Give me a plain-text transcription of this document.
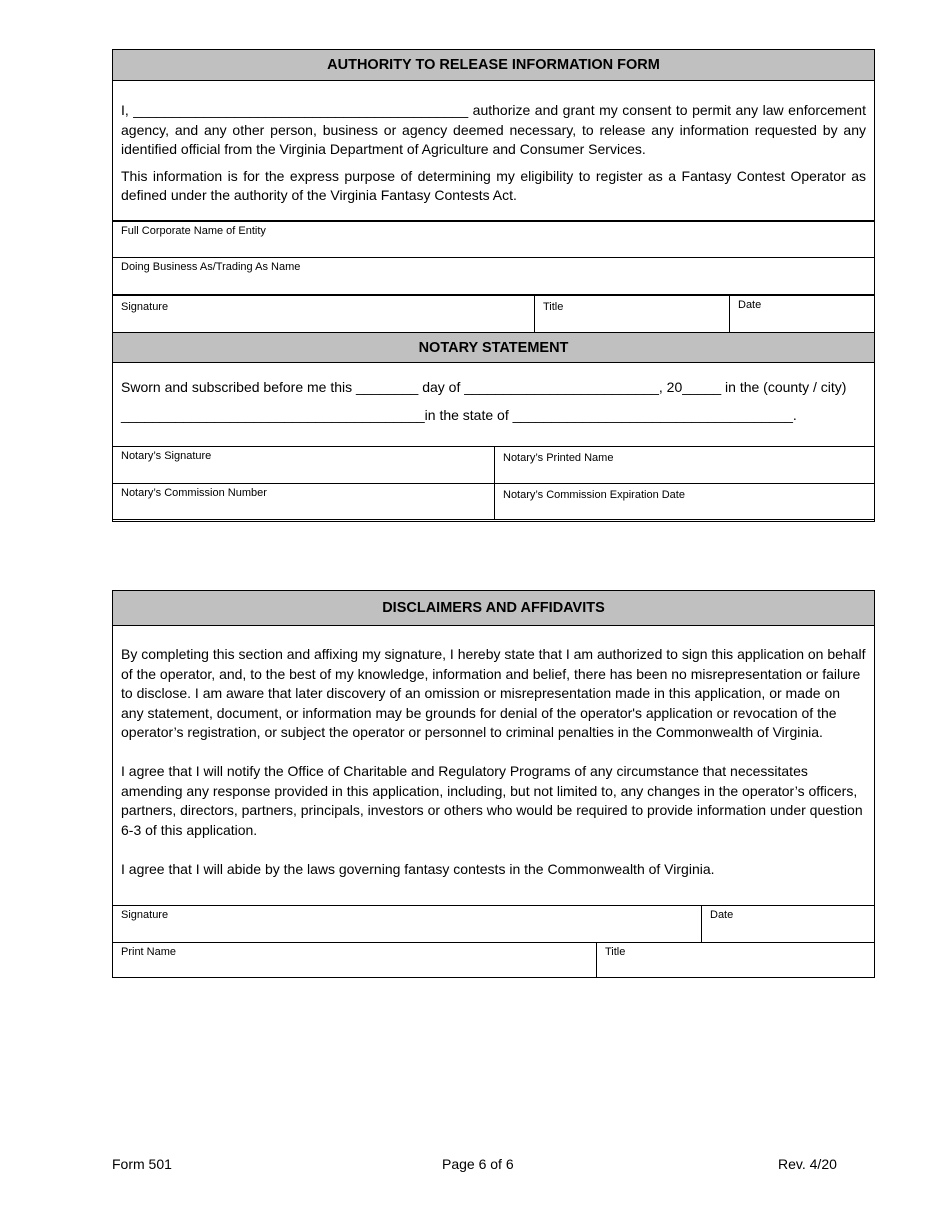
AUTHORITY TO RELEASE INFORMATION FORM

I, ___________________________________________ authorize and grant my consent to permit any law enforcement agency, and any other person, business or agency deemed necessary, to release any information requested by any identified official from the Virginia Department of Agriculture and Consumer Services.

This information is for the express purpose of determining my eligibility to register as a Fantasy Contest Operator as defined under the authority of the Virginia Fantasy Contests Act.

Full Corporate Name of Entity
Doing Business As/Trading As Name
Signature	Title	Date
NOTARY STATEMENT
Sworn and subscribed before me this ________ day of _________________________, 20_____ in the (county / city)
_______________________________________in the state of ____________________________________.
Notary’s Signature	Notary’s Printed Name
Notary’s Commission Number	Notary’s Commission Expiration Date
DISCLAIMERS AND AFFIDAVITS

By completing this section and affixing my signature, I hereby state that I am authorized to sign this application on behalf of the operator, and, to the best of my knowledge, information and belief, there has been no misrepresentation or failure to disclose. I am aware that later discovery of an omission or misrepresentation made in this application, or made on any statement, document, or information may be grounds for denial of the operator's application or revocation of the operator’s registration, or subject the operator or personnel to criminal penalties in the Commonwealth of Virginia.

I agree that I will notify the Office of Charitable and Regulatory Programs of any circumstance that necessitates amending any response provided in this application, including, but not limited to, any changes in the operator’s officers, partners, directors, partners, principals, investors or others who would be required to provide information under question 6-3 of this application.

I agree that I will abide by the laws governing fantasy contests in the Commonwealth of Virginia.

Signature	Date
Print Name	Title
Form 501	Page 6 of 6	Rev. 4/20
